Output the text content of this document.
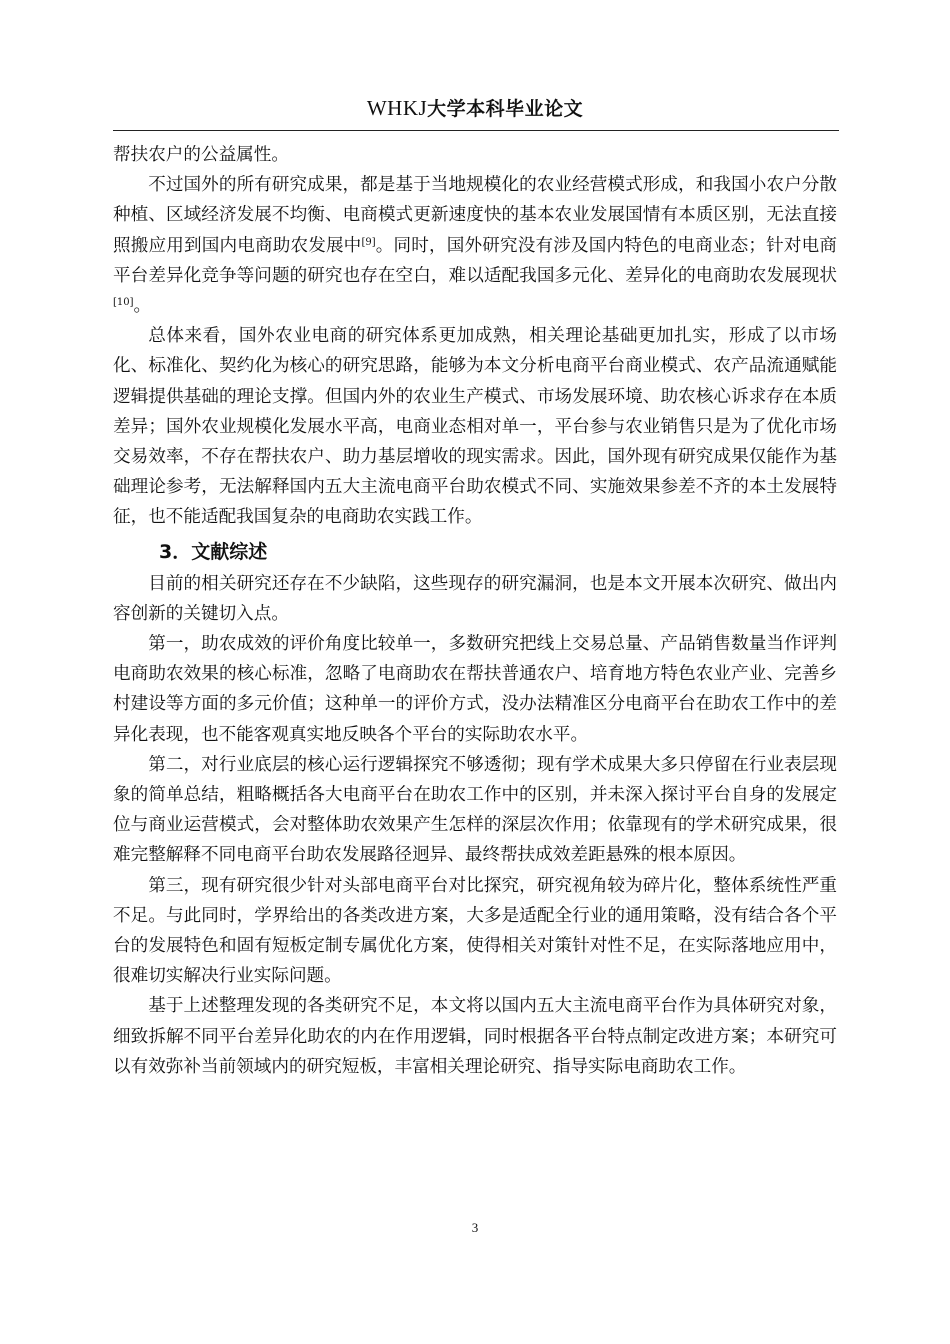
WHKJ大学本科毕业论文

帮扶农户的公益属性。

不过国外的所有研究成果，都是基于当地规模化的农业经营模式形成，和我国小农户分散种植、区域经济发展不均衡、电商模式更新速度快的基本农业发展国情有本质区别，无法直接照搬应用到国内电商助农发展中[9]。同时，国外研究没有涉及国内特色的电商业态；针对电商平台差异化竞争等问题的研究也存在空白，难以适配我国多元化、差异化的电商助农发展现状[10]。

总体来看，国外农业电商的研究体系更加成熟，相关理论基础更加扎实，形成了以市场化、标准化、契约化为核心的研究思路，能够为本文分析电商平台商业模式、农产品流通赋能逻辑提供基础的理论支撑。但国内外的农业生产模式、市场发展环境、助农核心诉求存在本质差异；国外农业规模化发展水平高，电商业态相对单一，平台参与农业销售只是为了优化市场交易效率，不存在帮扶农户、助力基层增收的现实需求。因此，国外现有研究成果仅能作为基础理论参考，无法解释国内五大主流电商平台助农模式不同、实施效果参差不齐的本土发展特征，也不能适配我国复杂的电商助农实践工作。

3．文献综述

目前的相关研究还存在不少缺陷，这些现存的研究漏洞，也是本文开展本次研究、做出内容创新的关键切入点。

第一，助农成效的评价角度比较单一，多数研究把线上交易总量、产品销售数量当作评判电商助农效果的核心标准，忽略了电商助农在帮扶普通农户、培育地方特色农业产业、完善乡村建设等方面的多元价值；这种单一的评价方式，没办法精准区分电商平台在助农工作中的差异化表现，也不能客观真实地反映各个平台的实际助农水平。

第二，对行业底层的核心运行逻辑探究不够透彻；现有学术成果大多只停留在行业表层现象的简单总结，粗略概括各大电商平台在助农工作中的区别，并未深入探讨平台自身的发展定位与商业运营模式，会对整体助农效果产生怎样的深层次作用；依靠现有的学术研究成果，很难完整解释不同电商平台助农发展路径迥异、最终帮扶成效差距悬殊的根本原因。

第三，现有研究很少针对头部电商平台对比探究，研究视角较为碎片化，整体系统性严重不足。与此同时，学界给出的各类改进方案，大多是适配全行业的通用策略，没有结合各个平台的发展特色和固有短板定制专属优化方案，使得相关对策针对性不足，在实际落地应用中，很难切实解决行业实际问题。

基于上述整理发现的各类研究不足，本文将以国内五大主流电商平台作为具体研究对象，细致拆解不同平台差异化助农的内在作用逻辑，同时根据各平台特点制定改进方案；本研究可以有效弥补当前领域内的研究短板，丰富相关理论研究、指导实际电商助农工作。

3
